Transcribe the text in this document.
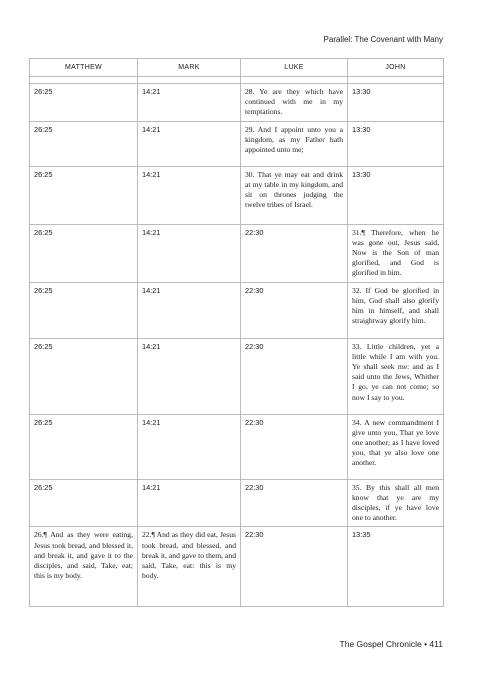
Parallel: The Covenant with Many
MATTHEW	MARK	LUKE	JOHN

26:25	14:21	28. Ye are they which have continued with me in my temptations.	13:30
26:25	14:21	29. And I appoint unto you a kingdom, as my Father hath appointed unto me;	13:30
26:25	14:21	30. That ye may eat and drink at my table in my kingdom, and sit on thrones judging the twelve tribes of Israel.	13:30
26:25	14:21	22:30	31.¶ Therefore, when he was gone out, Jesus said, Now is the Son of man glorified, and God is glorified in him.
26:25	14:21	22:30	32. If God be glorified in him, God shall also glorify him in himself, and shall straightway glorify him.
26:25	14:21	22:30	33. Little children, yet a little while I am with you. Ye shall seek me: and as I said unto the Jews, Whither I go, ye can not come; so now I say to you.
26:25	14:21	22:30	34. A new commandment I give unto you, That ye love one another; as I have loved you, that ye also love one another.
26:25	14:21	22:30	35. By this shall all men know that ye are my disciples, if ye have love one to another.
26.¶ And as they were eating, Jesus took bread, and blessed it, and break it, and gave it to the disciples, and said, Take, eat; this is my body.	22.¶ And as they did eat, Jesus took bread, and blessed, and break it, and gave to them, and said, Take, eat: this is my body.	22:30	13:35
The Gospel Chronicle • 411
